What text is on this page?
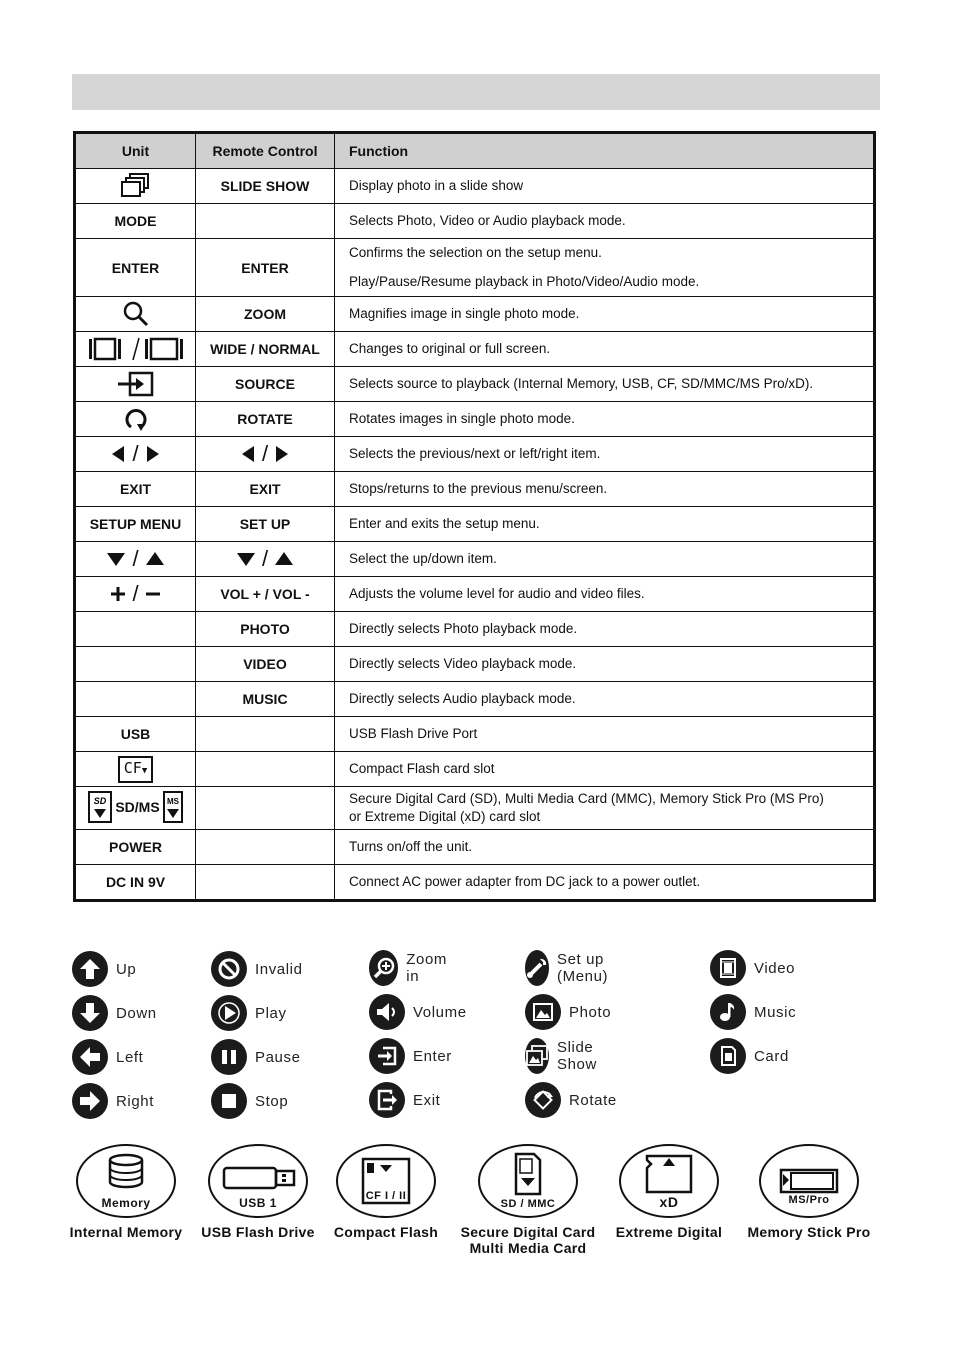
Unit	Remote Control	Function
	SLIDE SHOW	Display photo in a slide show

MODE		Selects Photo, Video or Audio playback mode.

ENTER	ENTER	Confirms the selection on the setup menu.
Play/Pause/Resume playback in Photo/Video/Audio mode.

	ZOOM	Magnifies image in single photo mode.

	WIDE / NORMAL	Changes to original or full screen.

	SOURCE	Selects source to playback (Internal Memory, USB, CF, SD/MMC/MS Pro/xD).

	ROTATE	Rotates images in single photo mode.

/	/	Selects the previous/next or left/right item.

EXIT	EXIT	Stops/returns to the previous menu/screen.

SETUP MENU	SET UP	Enter and exits the setup menu.

/	/	Select the up/down item.

/	VOL + / VOL -	Adjusts the volume level for audio and video files.

	PHOTO	Directly selects Photo playback mode.

	VIDEO	Directly selects Video playback mode.

	MUSIC	Directly selects Audio playback mode.

USB		USB Flash Drive Port

CF▼		Compact Flash card slot

SD SD/MS MS		Secure Digital Card (SD), Multi Media Card (MMC), Memory Stick Pro (MS Pro)
or Extreme Digital (xD) card slot

POWER		Turns on/off the unit.

DC IN 9V		Connect AC power adapter from DC jack to a power outlet.
Up
Down
Left
Right
Invalid
Play
Pause
Stop
Zoom in
Volume
Enter
Exit
Set up (Menu)
Photo
Slide Show
Rotate
Video
Music
Card
Memory
Internal Memory
USB 1
USB Flash Drive
CF I / II
Compact Flash
SD / MMC
Secure Digital Card
Multi Media Card
xD
Extreme Digital
MS/Pro
Memory Stick Pro
